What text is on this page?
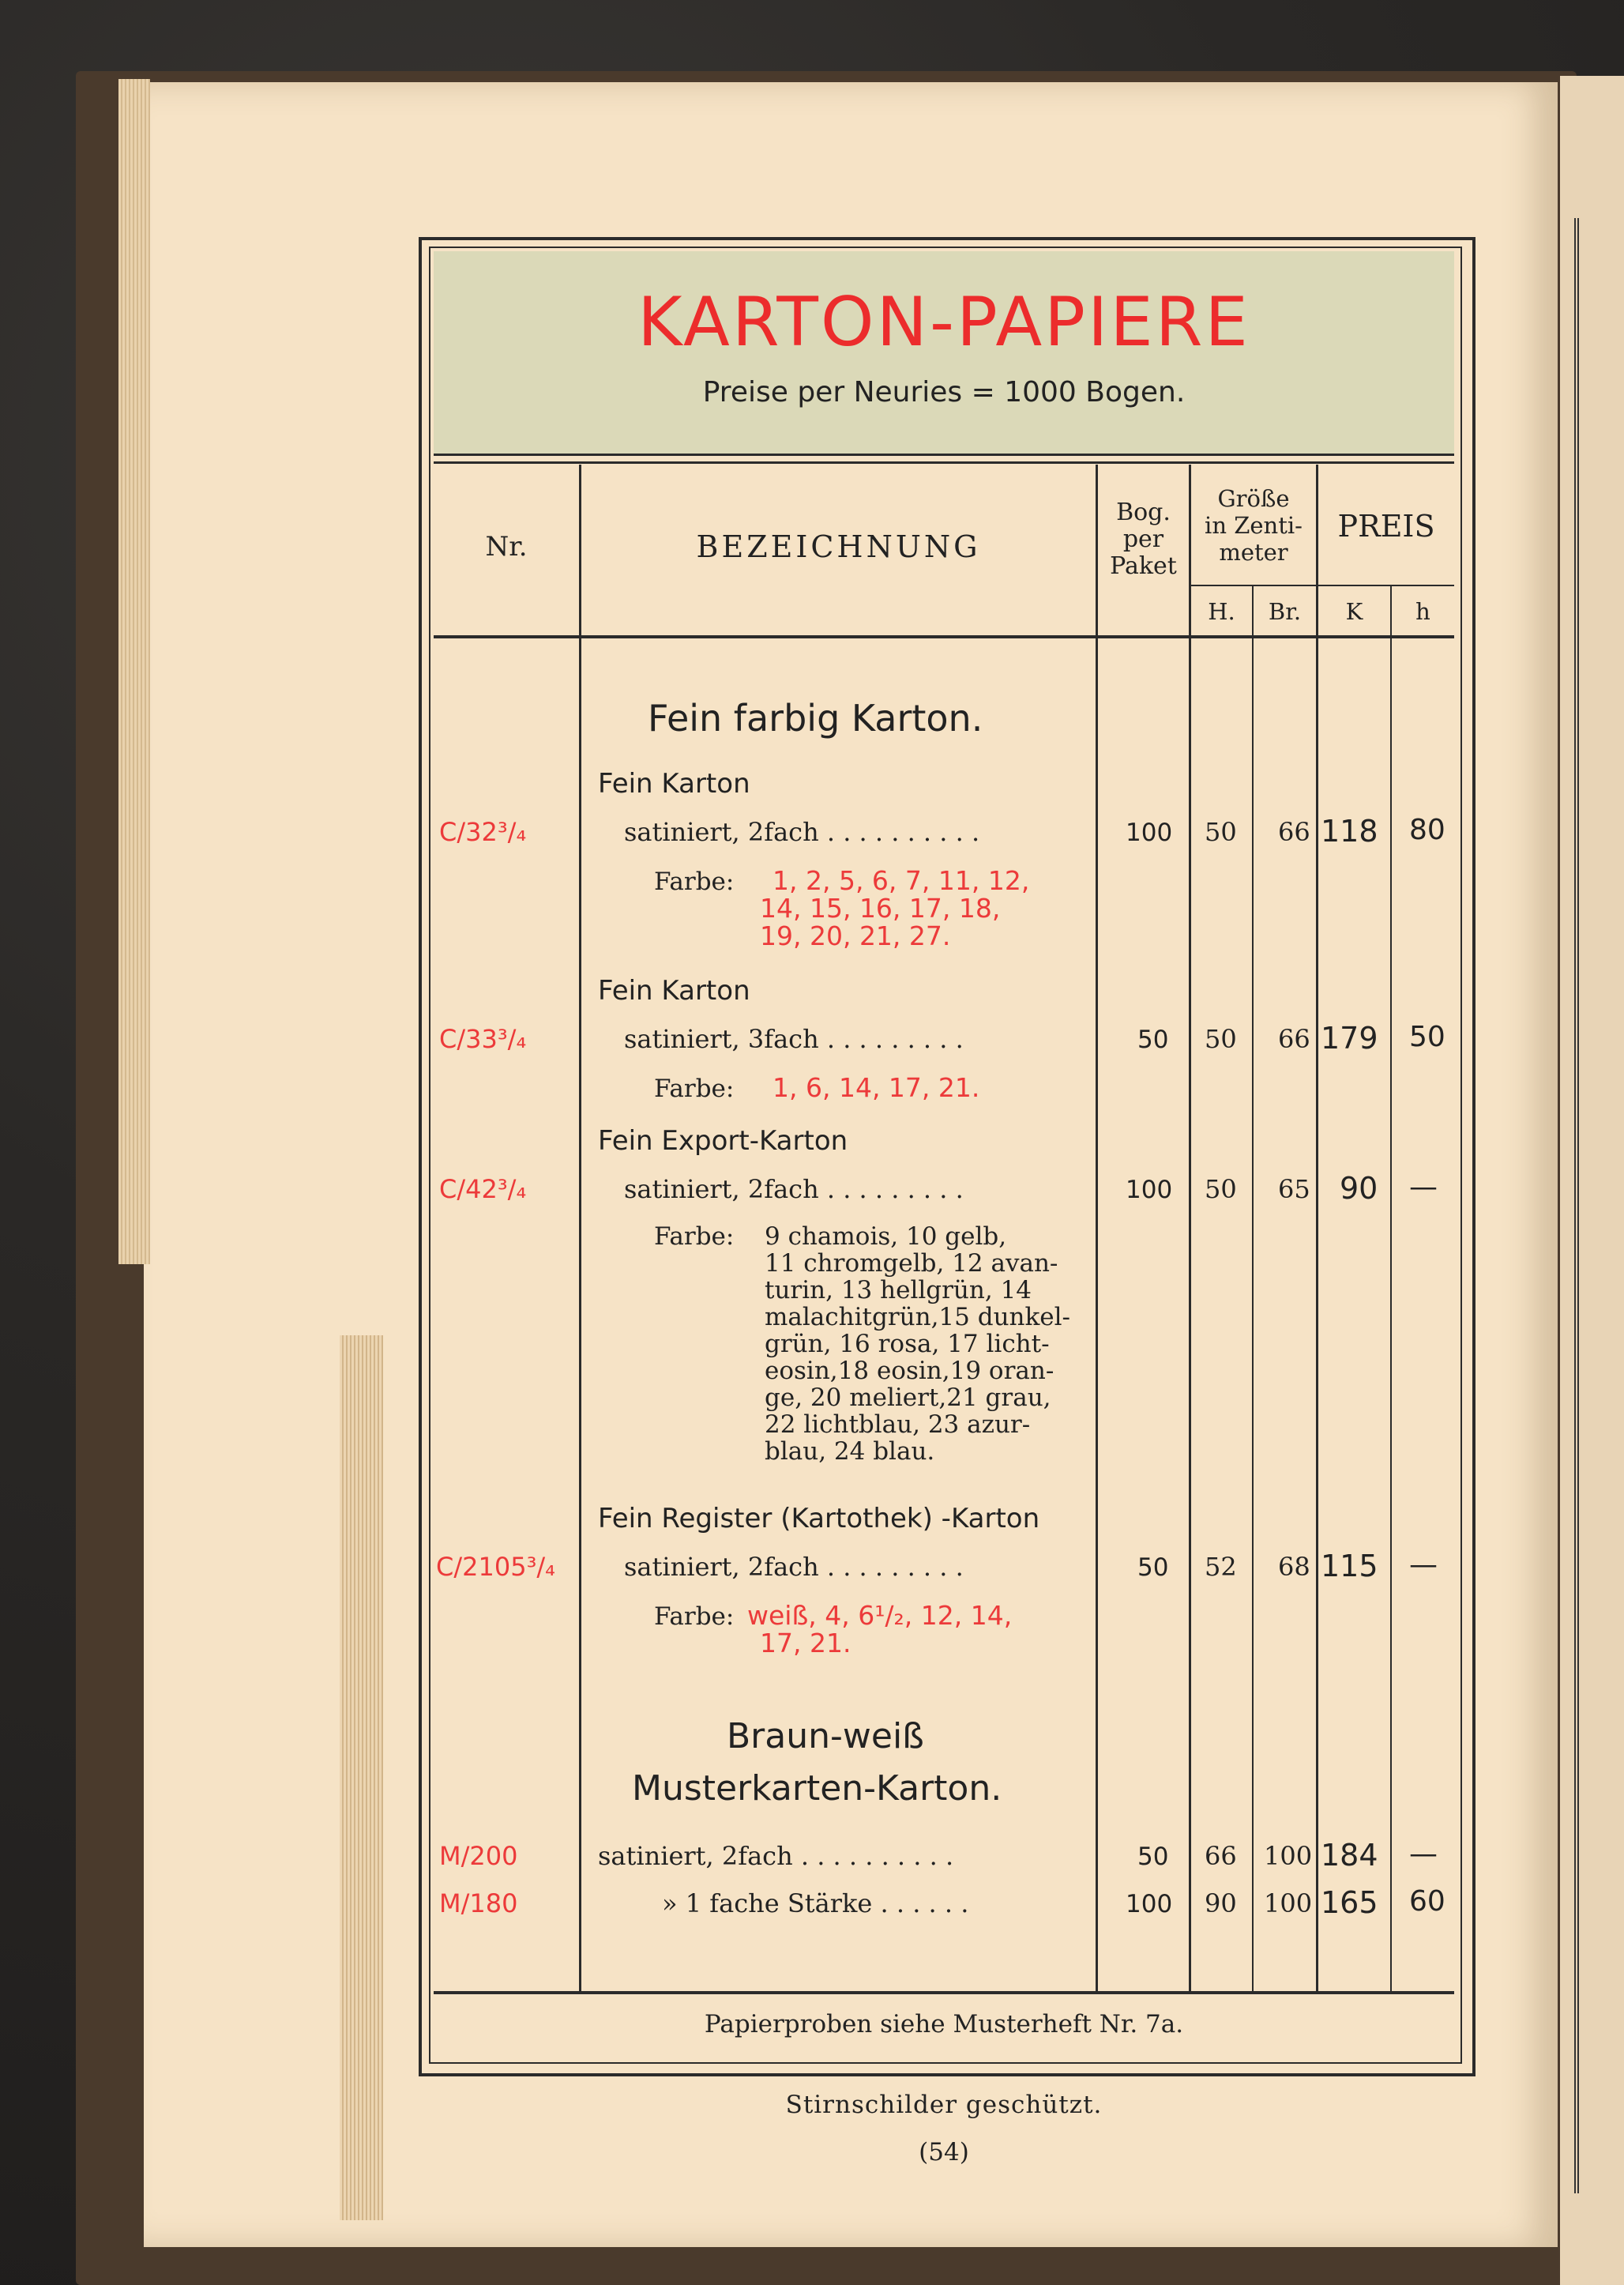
KARTON-PAPIERE
Preise per Neuries = 1000 Bogen.
Nr.	BEZEICHNUNG
Bog.
per
Paket
Größe
in Zenti-
meter
H.	Br.
PREIS
K	h
Fein farbig Karton.
Fein Karton
C/32³/₄	satiniert, 2fach . . . . . . . . . .	100 50 66 118 80
Farbe: 1, 2, 5, 6, 7, 11, 12,
14, 15, 16, 17, 18,
19, 20, 21, 27.
Fein Karton
C/33³/₄	satiniert, 3fach . . . . . . . . .	50 50 66 179 50
Farbe: 1, 6, 14, 17, 21.
Fein Export-Karton
C/42³/₄	satiniert, 2fach . . . . . . . . .	100 50 65 90 —
Farbe: 9 chamois, 10 gelb,
11 chromgelb, 12 avan-
turin, 13 hellgrün, 14
malachitgrün,15 dunkel-
grün, 16 rosa, 17 licht-
eosin,18 eosin,19 oran-
ge, 20 meliert,21 grau,
22 lichtblau, 23 azur-
blau, 24 blau.
Fein Register (Kartothek) -Karton
C/2105³/₄	satiniert, 2fach . . . . . . . . .	50 52 68 115 —
Farbe: weiß, 4, 6¹/₂, 12, 14,
17, 21.
Braun-weiß
Musterkarten-Karton.
M/200	satiniert, 2fach . . . . . . . . . .	50 66 100 184 —
M/180	» 1 fache Stärke . . . . . .	100 90 100 165 60
Papierproben siehe Musterheft Nr. 7a.
Stirnschilder geschützt.
(54)
